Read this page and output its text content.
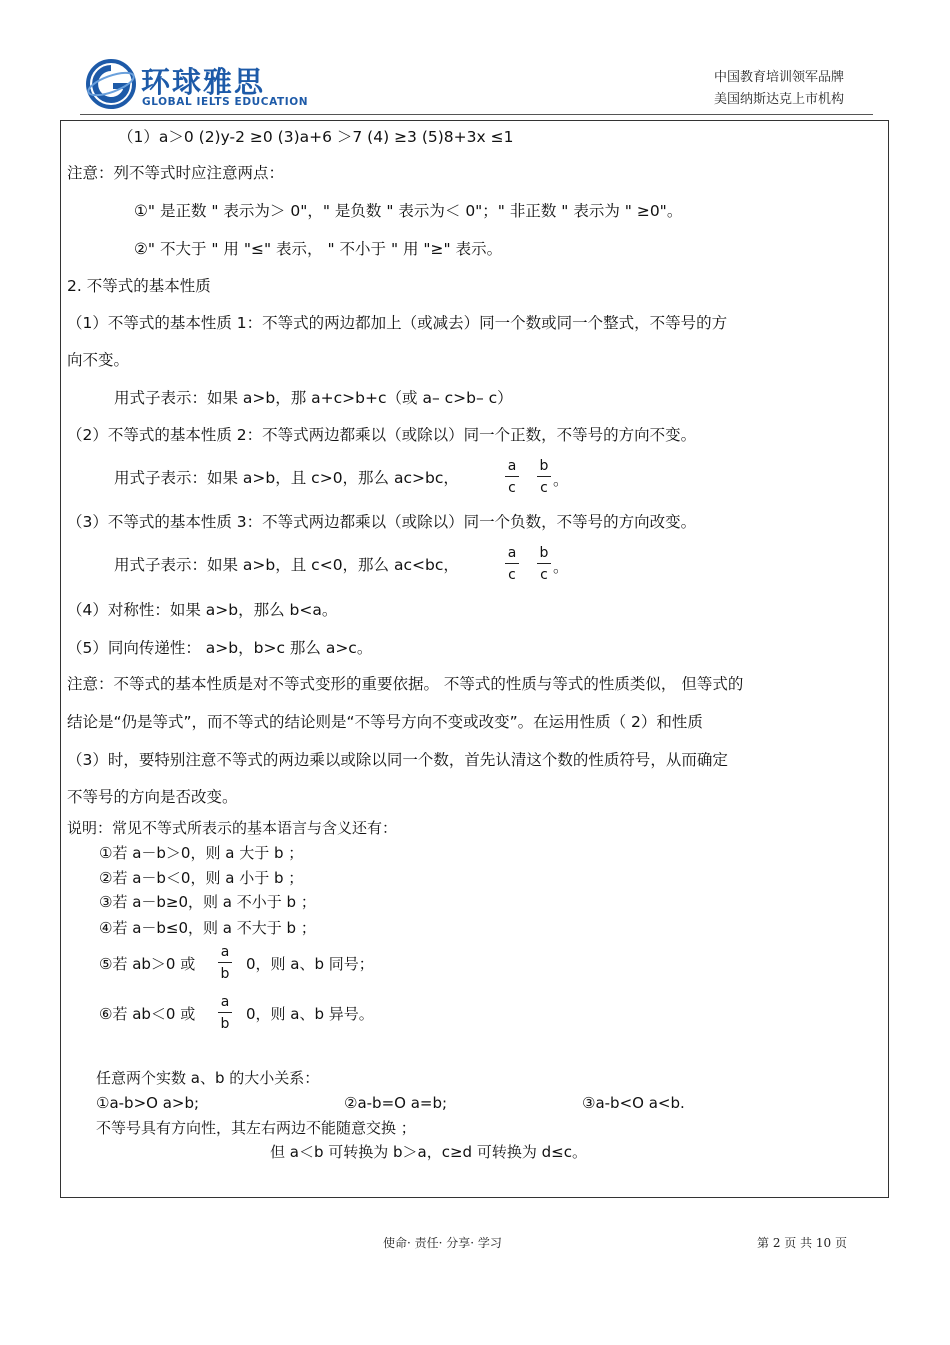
环球雅思
GLOBAL IELTS EDUCATION
中国教育培训领军品牌
美国纳斯达克上市机构
（1）a＞0 (2)y-2 ≥0 (3)a+6 ＞7 (4) ≥3 (5)8+3x ≤1
注意：列不等式时应注意两点：
①" 是正数 " 表示为＞ 0"，" 是负数 " 表示为＜ 0"；" 非正数 " 表示为 " ≥0"。
②" 不大于 " 用 "≤" 表示， " 不小于 " 用 "≥" 表示。
2. 不等式的基本性质
（1）不等式的基本性质 1：不等式的两边都加上（或减去）同一个数或同一个整式，不等号的方
向不变。
用式子表示：如果 a>b，那 a+c>b+c（或 a– c>b– c）
（2）不等式的基本性质 2：不等式两边都乘以（或除以）同一个正数，不等号的方向不变。
用式子表示：如果 a>b，且 c>0，那么 ac>bc，
a
c
b
c 。
（3）不等式的基本性质 3：不等式两边都乘以（或除以）同一个负数，不等号的方向改变。
用式子表示：如果 a>b，且 c<0，那么 ac<bc，
a
c
b
c 。
（4）对称性：如果 a>b，那么 b<a。
（5）同向传递性： a>b，b>c 那么 a>c。
注意：不等式的基本性质是对不等式变形的重要依据。 不等式的性质与等式的性质类似， 但等式的
结论是“仍是等式”，而不等式的结论则是“不等号方向不变或改变”。在运用性质（ 2）和性质
（3）时，要特别注意不等式的两边乘以或除以同一个数，首先认清这个数的性质符号，从而确定
不等号的方向是否改变。
说明：常见不等式所表示的基本语言与含义还有：
①若 a－b＞0，则 a 大于 b ；
②若 a－b＜0，则 a 小于 b ；
③若 a－b≥0，则 a 不小于 b ；
④若 a－b≤0，则 a 不大于 b ；
⑤若 ab＞0 或
a
b
0，则 a、b 同号；
⑥若 ab＜0 或
a
b
0，则 a、b 异号。
任意两个实数 a、b 的大小关系：
①a-b>O a>b;	②a-b=O a=b;	③a-b<O a<b.
不等号具有方向性，其左右两边不能随意交换 ；
但 a＜b 可转换为 b＞a，c≥d 可转换为 d≤c。
使命· 责任· 分享· 学习	第 2 页 共 10 页
